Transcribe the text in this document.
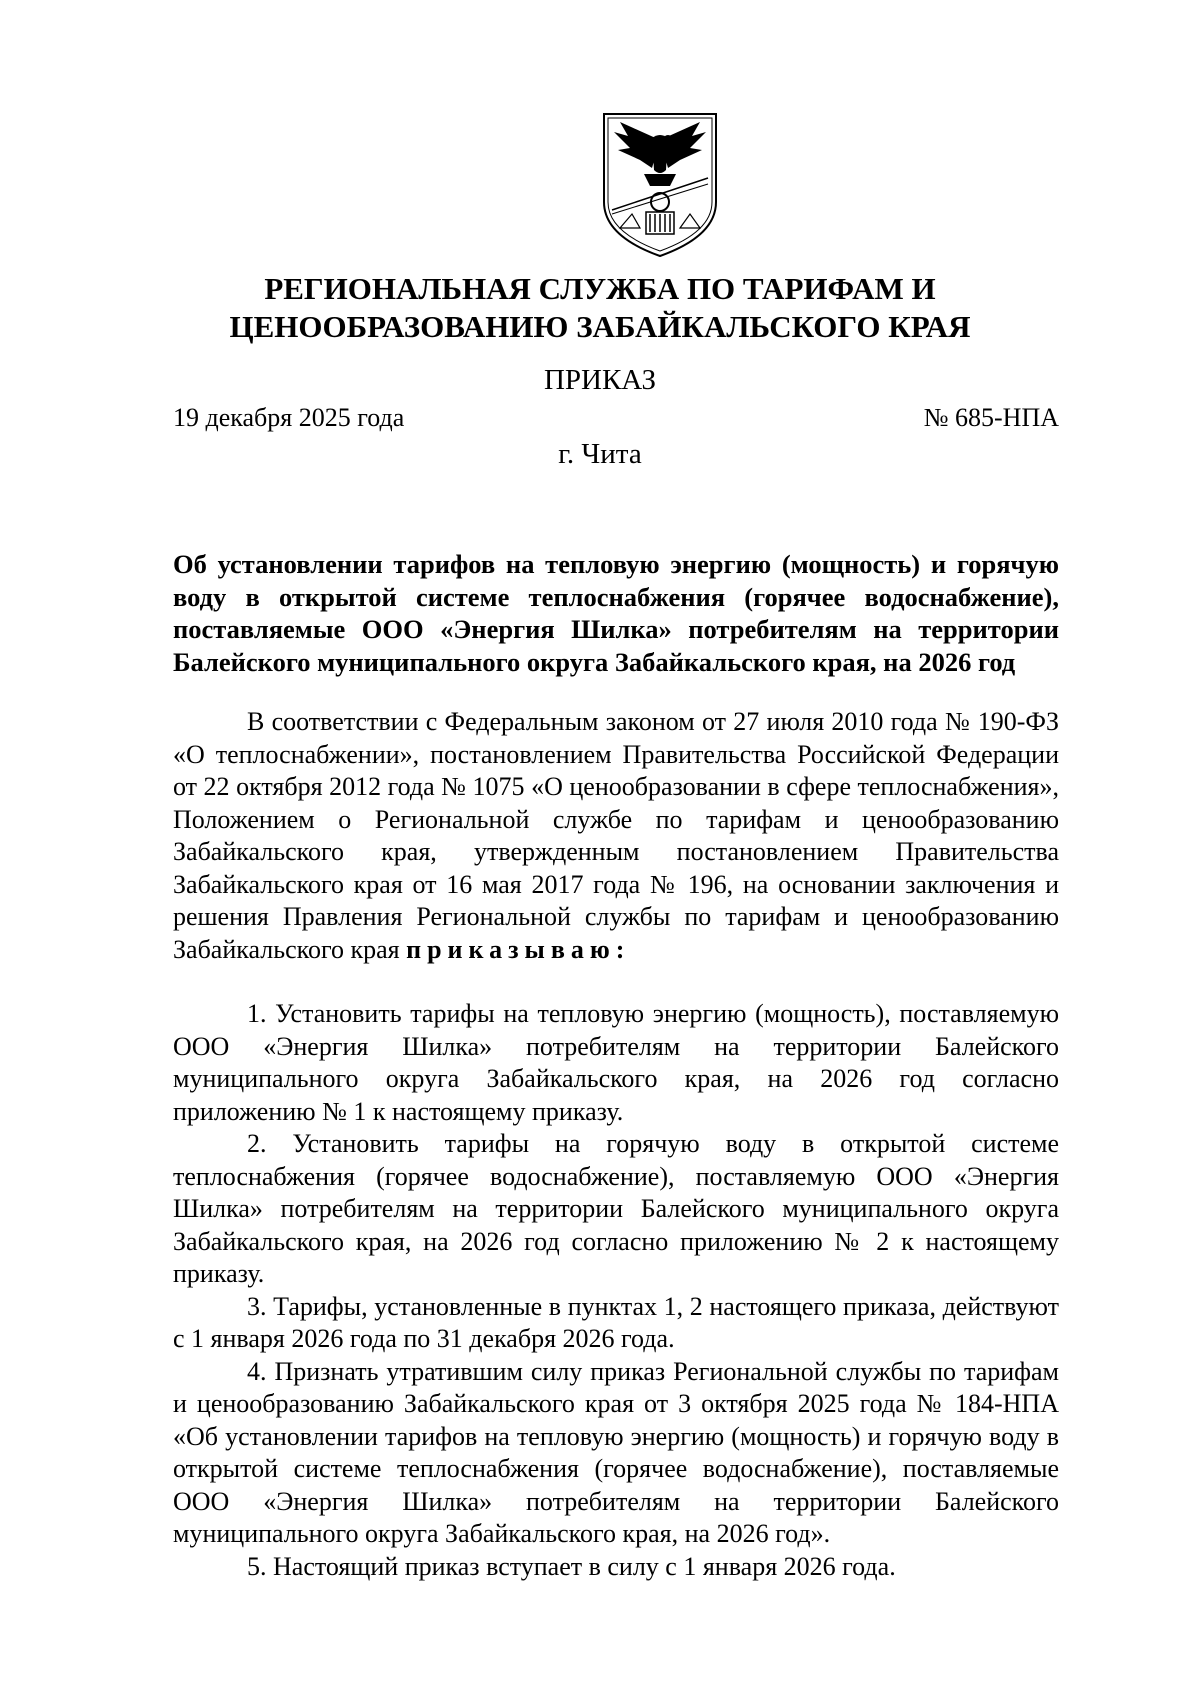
РЕГИОНАЛЬНАЯ СЛУЖБА ПО ТАРИФАМ И
ЦЕНООБРАЗОВАНИЮ ЗАБАЙКАЛЬСКОГО КРАЯ
ПРИКАЗ
19 декабря 2025 года	№ 685-НПА
г. Чита
Об установлении тарифов на тепловую энергию (мощность) и горячую воду в открытой системе теплоснабжения (горячее водоснабжение), поставляемые ООО «Энергия Шилка» потребителям на территории Балейского муниципального округа Забайкальского края, на 2026 год

В соответствии с Федеральным законом от 27 июля 2010 года № 190-ФЗ «О теплоснабжении», постановлением Правительства Российской Федерации от 22 октября 2012 года № 1075 «О ценообразовании в сфере теплоснабжения», Положением о Региональной службе по тарифам и ценообразованию Забайкальского края, утвержденным постановлением Правительства Забайкальского края от 16 мая 2017 года № 196, на основании заключения и решения Правления Региональной службы по тарифам и ценообразованию Забайкальского края приказываю:

1. Установить тарифы на тепловую энергию (мощность), поставляемую ООО «Энергия Шилка» потребителям на территории Балейского муниципального округа Забайкальского края, на 2026 год согласно приложению № 1 к настоящему приказу.

2. Установить тарифы на горячую воду в открытой системе теплоснабжения (горячее водоснабжение), поставляемую ООО «Энергия Шилка» потребителям на территории Балейского муниципального округа Забайкальского края, на 2026 год согласно приложению № 2 к настоящему приказу.

3. Тарифы, установленные в пунктах 1, 2 настоящего приказа, действуют с 1 января 2026 года по 31 декабря 2026 года.

4. Признать утратившим силу приказ Региональной службы по тарифам и ценообразованию Забайкальского края от 3 октября 2025 года № 184-НПА «Об установлении тарифов на тепловую энергию (мощность) и горячую воду в открытой системе теплоснабжения (горячее водоснабжение), поставляемые ООО «Энергия Шилка» потребителям на территории Балейского муниципального округа Забайкальского края, на 2026 год».

5. Настоящий приказ вступает в силу с 1 января 2026 года.
